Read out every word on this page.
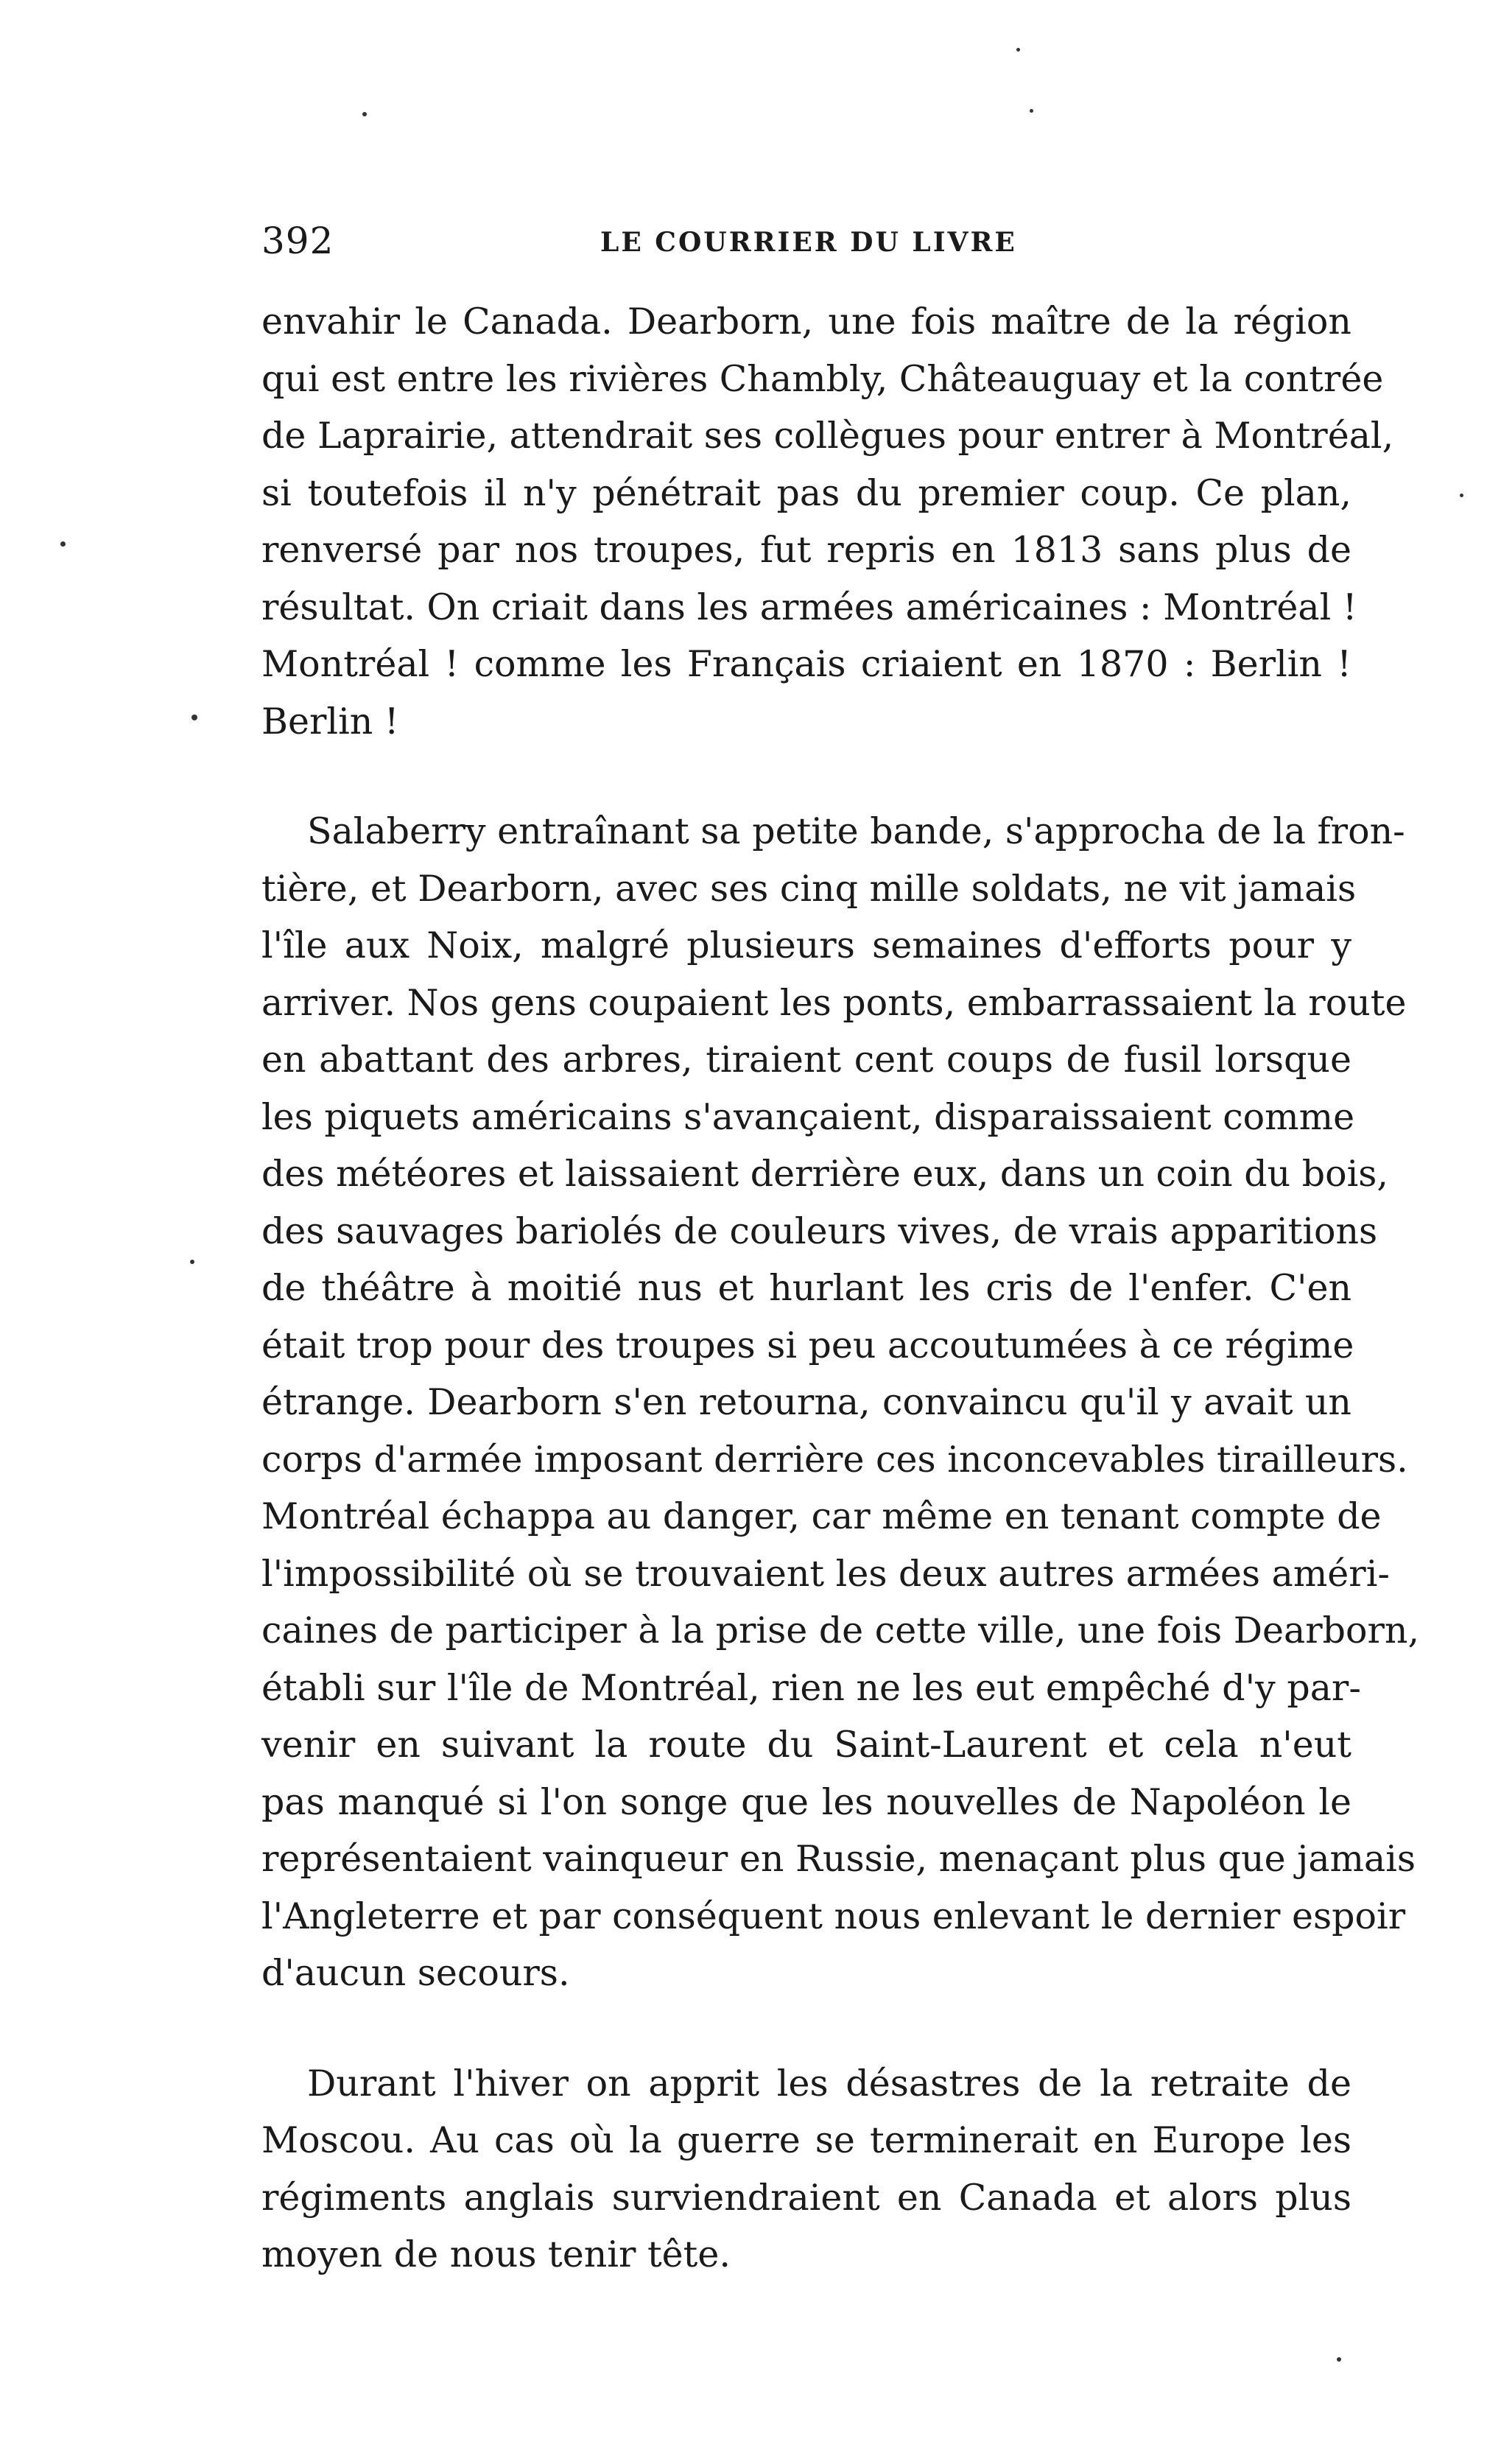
392	LE COURRIER DU LIVRE
envahir le Canada. Dearborn, une fois maître de la région
qui est entre les rivières Chambly, Châteauguay et la contrée
de Laprairie, attendrait ses collègues pour entrer à Montréal,
si toutefois il n'y pénétrait pas du premier coup. Ce plan,
renversé par nos troupes, fut repris en 1813 sans plus de
résultat. On criait dans les armées américaines : Montréal !
Montréal ! comme les Français criaient en 1870 : Berlin !
Berlin !
Salaberry entraînant sa petite bande, s'approcha de la fron-
tière, et Dearborn, avec ses cinq mille soldats, ne vit jamais
l'île aux Noix, malgré plusieurs semaines d'efforts pour y
arriver. Nos gens coupaient les ponts, embarrassaient la route
en abattant des arbres, tiraient cent coups de fusil lorsque
les piquets américains s'avançaient, disparaissaient comme
des météores et laissaient derrière eux, dans un coin du bois,
des sauvages bariolés de couleurs vives, de vrais apparitions
de théâtre à moitié nus et hurlant les cris de l'enfer. C'en
était trop pour des troupes si peu accoutumées à ce régime
étrange. Dearborn s'en retourna, convaincu qu'il y avait un
corps d'armée imposant derrière ces inconcevables tirailleurs.
Montréal échappa au danger, car même en tenant compte de
l'impossibilité où se trouvaient les deux autres armées améri-
caines de participer à la prise de cette ville, une fois Dearborn,
établi sur l'île de Montréal, rien ne les eut empêché d'y par-
venir en suivant la route du Saint-Laurent et cela n'eut
pas manqué si l'on songe que les nouvelles de Napoléon le
représentaient vainqueur en Russie, menaçant plus que jamais
l'Angleterre et par conséquent nous enlevant le dernier espoir
d'aucun secours.
Durant l'hiver on apprit les désastres de la retraite de
Moscou. Au cas où la guerre se terminerait en Europe les
régiments anglais surviendraient en Canada et alors plus
moyen de nous tenir tête.
